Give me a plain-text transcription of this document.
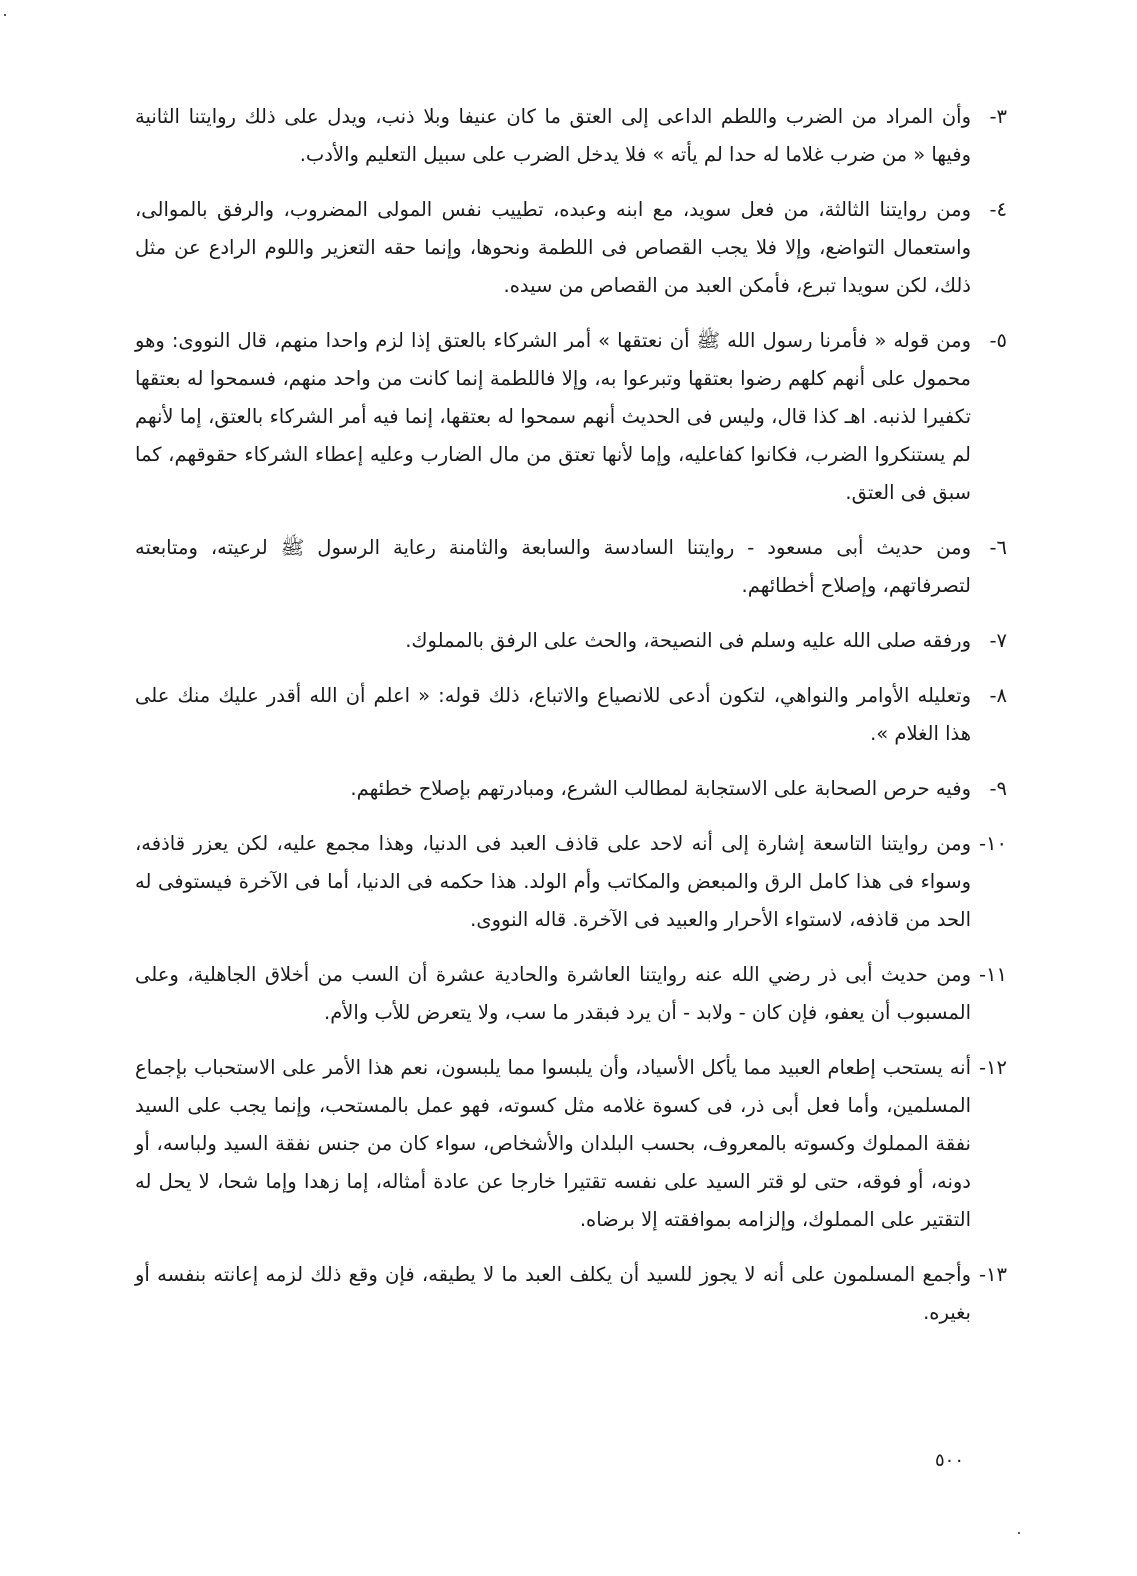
٣-
وأن المراد من الضرب واللطم الداعى إلى العتق ما كان عنيفا وبلا ذنب، ويدل على ذلك روايتنا الثانية وفيها « من ضرب غلاما له حدا لم يأته » فلا يدخل الضرب على سبيل التعليم والأدب.
٤-
ومن روايتنا الثالثة، من فعل سويد، مع ابنه وعبده، تطييب نفس المولى المضروب، والرفق بالموالى، واستعمال التواضع، وإلا فلا يجب القصاص فى اللطمة ونحوها، وإنما حقه التعزير واللوم الرادع عن مثل ذلك، لكن سويدا تبرع، فأمكن العبد من القصاص من سيده.
٥-
ومن قوله « فأمرنا رسول الله ﷺ أن نعتقها » أمر الشركاء بالعتق إذا لزم واحدا منهم، قال النووى: وهو محمول على أنهم كلهم رضوا بعتقها وتبرعوا به، وإلا فاللطمة إنما كانت من واحد منهم، فسمحوا له بعتقها تكفيرا لذنبه. اهـ كذا قال، وليس فى الحديث أنهم سمحوا له بعتقها، إنما فيه أمر الشركاء بالعتق، إما لأنهم لم يستنكروا الضرب، فكانوا كفاعليه، وإما لأنها تعتق من مال الضارب وعليه إعطاء الشركاء حقوقهم، كما سبق فى العتق.
٦-
ومن حديث أبى مسعود - روايتنا السادسة والسابعة والثامنة رعاية الرسول ﷺ لرعيته، ومتابعته لتصرفاتهم، وإصلاح أخطائهم.
٧-
ورفقه صلى الله عليه وسلم فى النصيحة، والحث على الرفق بالمملوك.
٨-
وتعليله الأوامر والنواهي، لتكون أدعى للانصياع والاتباع، ذلك قوله: « اعلم أن الله أقدر عليك منك على هذا الغلام ».
٩-
وفيه حرص الصحابة على الاستجابة لمطالب الشرع، ومبادرتهم بإصلاح خطئهم.
١٠-
ومن روايتنا التاسعة إشارة إلى أنه لاحد على قاذف العبد فى الدنيا، وهذا مجمع عليه، لكن يعزر قاذفه، وسواء فى هذا كامل الرق والمبعض والمكاتب وأم الولد. هذا حكمه فى الدنيا، أما فى الآخرة فيستوفى له الحد من قاذفه، لاستواء الأحرار والعبيد فى الآخرة. قاله النووى.
١١-
ومن حديث أبى ذر رضي الله عنه روايتنا العاشرة والحادية عشرة أن السب من أخلاق الجاهلية، وعلى المسبوب أن يعفو، فإن كان - ولابد - أن يرد فبقدر ما سب، ولا يتعرض للأب والأم.
١٢-
أنه يستحب إطعام العبيد مما يأكل الأسياد، وأن يلبسوا مما يلبسون، نعم هذا الأمر على الاستحباب بإجماع المسلمين، وأما فعل أبى ذر، فى كسوة غلامه مثل كسوته، فهو عمل بالمستحب، وإنما يجب على السيد نفقة المملوك وكسوته بالمعروف، بحسب البلدان والأشخاص، سواء كان من جنس نفقة السيد ولباسه، أو دونه، أو فوقه، حتى لو قتر السيد على نفسه تقتيرا خارجا عن عادة أمثاله، إما زهدا وإما شحا، لا يحل له التقتير على المملوك، وإلزامه بموافقته إلا برضاه.
١٣-
وأجمع المسلمون على أنه لا يجوز للسيد أن يكلف العبد ما لا يطيقه، فإن وقع ذلك لزمه إعانته بنفسه أو بغيره.
٥٠٠
